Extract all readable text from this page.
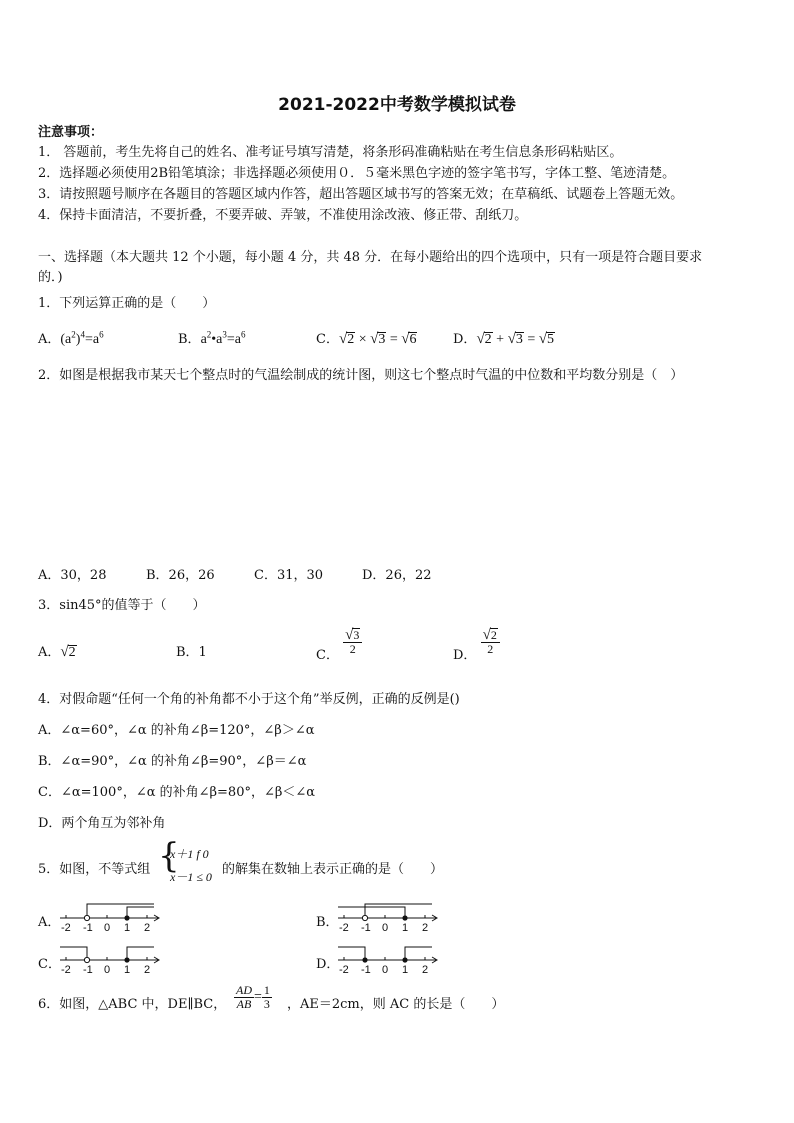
2021-2022中考数学模拟试卷
注意事项：
1． 答题前，考生先将自己的姓名、准考证号填写清楚，将条形码准确粘贴在考生信息条形码粘贴区。
2．选择题必须使用2B铅笔填涂；非选择题必须使用０．５毫米黑色字迹的签字笔书写，字体工整、笔迹清楚。
3．请按照题号顺序在各题目的答题区域内作答，超出答题区域书写的答案无效；在草稿纸、试题卷上答题无效。
4．保持卡面清洁，不要折叠，不要弄破、弄皱，不准使用涂改液、修正带、刮纸刀。
一、选择题（本大题共 12 个小题，每小题 4 分，共 48 分．在每小题给出的四个选项中，只有一项是符合题目要求
的．)
1．下列运算正确的是（　　）
A．$(a^2)^4=a^6$	B．$a^2•a^3=a^6$	C．√2 × √3 = √6	D．√2 + √3 = √5
2．如图是根据我市某天七个整点时的气温绘制成的统计图，则这七个整点时气温的中位数和平均数分别是（　）
A．30，28	B．26，26	C．31，30	D．26，22
3．sin45°的值等于（　　）
A．√2	B．1	C． $\frac{√3}{2}$	D． $\frac{√2}{2}$
4．对假命题“任何一个角的补角都不小于这个角”举反例，正确的反例是()
A．∠α=60°，∠α 的补角∠β=120°，∠β＞∠α
B．∠α=90°，∠α 的补角∠β=90°，∠β＝∠α
C．∠α=100°，∠α 的补角∠β=80°，∠β＜∠α
D．两个角互为邻补角
5．如图，不等式组 {
x＋1 f 0
x－1 ≤ 0 的解集在数轴上表示正确的是（　　）
A．	B．
C．	D．
-2 -1 0 1 2	-2 -1 0 1 2
-2 -1 0 1 2	-2 -1 0 1 2
6．如图，△ABC 中，DE∥BC， $\frac{AD}{AB} = \frac{1}{3}$ ，AE＝2cm，则 AC 的长是（　　）
